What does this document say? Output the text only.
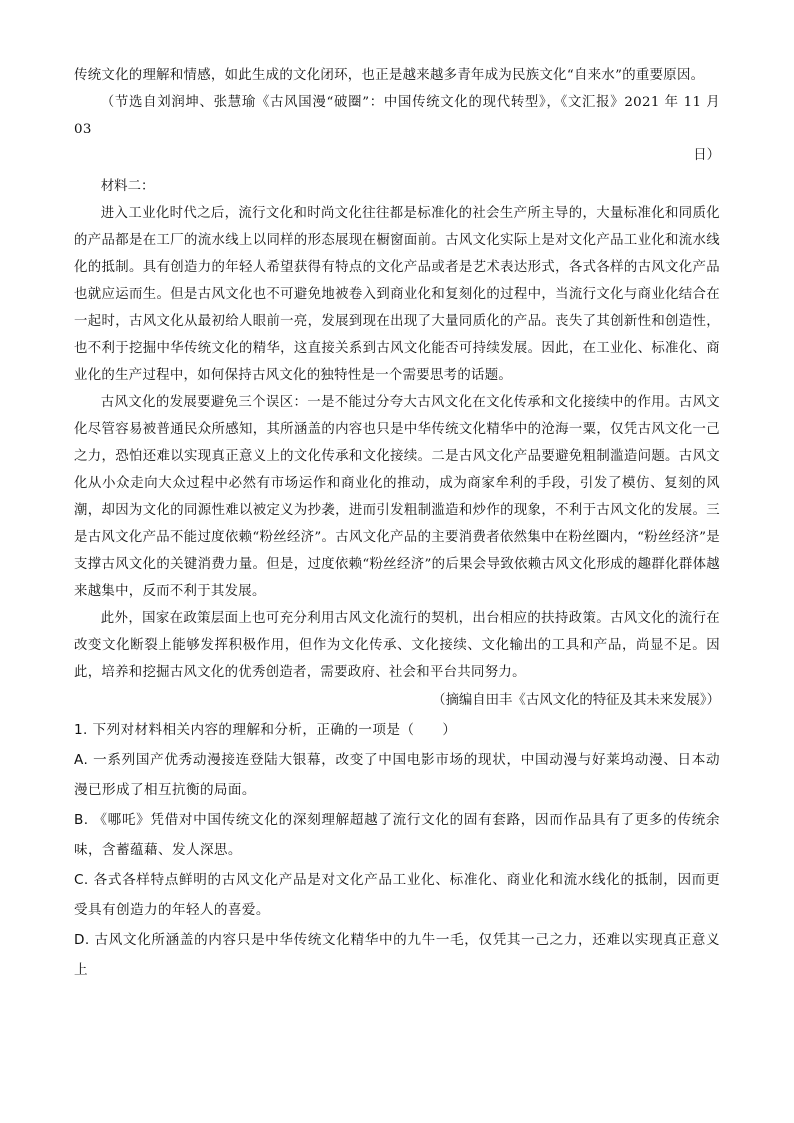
传统文化的理解和情感，如此生成的文化闭环，也正是越来越多青年成为民族文化“自来水”的重要原因。

（节选自刘润坤、张慧瑜《古风国漫“破圈”：中国传统文化的现代转型》，《文汇报》2021 年 11 月 03

日）

材料二：

进入工业化时代之后，流行文化和时尚文化往往都是标准化的社会生产所主导的，大量标准化和同质化的产品都是在工厂的流水线上以同样的形态展现在橱窗面前。古风文化实际上是对文化产品工业化和流水线化的抵制。具有创造力的年轻人希望获得有特点的文化产品或者是艺术表达形式，各式各样的古风文化产品也就应运而生。但是古风文化也不可避免地被卷入到商业化和复刻化的过程中，当流行文化与商业化结合在一起时，古风文化从最初给人眼前一亮，发展到现在出现了大量同质化的产品。丧失了其创新性和创造性，也不利于挖掘中华传统文化的精华，这直接关系到古风文化能否可持续发展。因此，在工业化、标准化、商业化的生产过程中，如何保持古风文化的独特性是一个需要思考的话题。

古风文化的发展要避免三个误区：一是不能过分夸大古风文化在文化传承和文化接续中的作用。古风文化尽管容易被普通民众所感知，其所涵盖的内容也只是中华传统文化精华中的沧海一粟，仅凭古风文化一己之力，恐怕还难以实现真正意义上的文化传承和文化接续。二是古风文化产品要避免粗制滥造问题。古风文化从小众走向大众过程中必然有市场运作和商业化的推动，成为商家牟利的手段，引发了模仿、复刻的风潮，却因为文化的同源性难以被定义为抄袭，进而引发粗制滥造和炒作的现象，不利于古风文化的发展。三是古风文化产品不能过度依赖“粉丝经济”。古风文化产品的主要消费者依然集中在粉丝圈内，“粉丝经济”是支撑古风文化的关键消费力量。但是，过度依赖“粉丝经济”的后果会导致依赖古风文化形成的趣群化群体越来越集中，反而不利于其发展。

此外，国家在政策层面上也可充分利用古风文化流行的契机，出台相应的扶持政策。古风文化的流行在改变文化断裂上能够发挥积极作用，但作为文化传承、文化接续、文化输出的工具和产品，尚显不足。因此，培养和挖掘古风文化的优秀创造者，需要政府、社会和平台共同努力。

（摘编自田丰《古风文化的特征及其未来发展》）

1. 下列对材料相关内容的理解和分析，正确的一项是（　　）

A. 一系列国产优秀动漫接连登陆大银幕，改变了中国电影市场的现状，中国动漫与好莱坞动漫、日本动漫已形成了相互抗衡的局面。

B. 《哪吒》凭借对中国传统文化的深刻理解超越了流行文化的固有套路，因而作品具有了更多的传统余味，含蓄蕴藉、发人深思。

C. 各式各样特点鲜明的古风文化产品是对文化产品工业化、标准化、商业化和流水线化的抵制，因而更受具有创造力的年轻人的喜爱。

D. 古风文化所涵盖的内容只是中华传统文化精华中的九牛一毛，仅凭其一己之力，还难以实现真正意义上
